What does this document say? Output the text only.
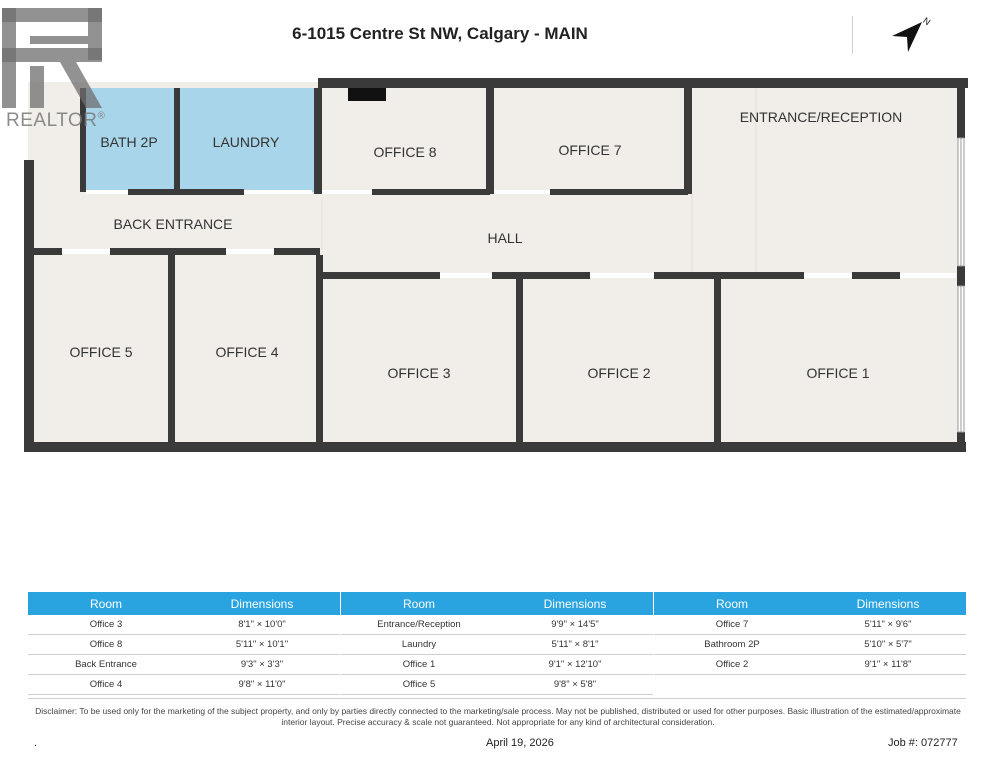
6-1015 Centre St NW, Calgary - MAIN
N
REALTOR®
BATH 2P	LAUNDRY
OFFICE 8	OFFICE 7
ENTRANCE/RECEPTION
BACK ENTRANCE
HALL
OFFICE 5	OFFICE 4
OFFICE 3	OFFICE 2	OFFICE 1
Room	Dimensions
Office 3	8'1" × 10'0"
Office 8	5'11" × 10'1"
Back Entrance	9'3" × 3'3"
Office 4	9'8" × 11'0"
Room	Dimensions
Entrance/Reception	9'9" × 14'5"
Laundry	5'11" × 8'1"
Office 1	9'1" × 12'10"
Office 5	9'8" × 5'8"
Room	Dimensions
Office 7	5'11" × 9'6"
Bathroom 2P	5'10" × 5'7"
Office 2	9'1" × 11'8"

Disclaimer: To be used only for the marketing of the subject property, and only by parties directly connected to the marketing/sale process. May not be published, distributed or used for other purposes. Basic illustration of the estimated/approximate interior layout. Precise accuracy & scale not guaranteed. Not appropriate for any kind of architectural consideration.
.	April 19, 2026	Job #: 072777
